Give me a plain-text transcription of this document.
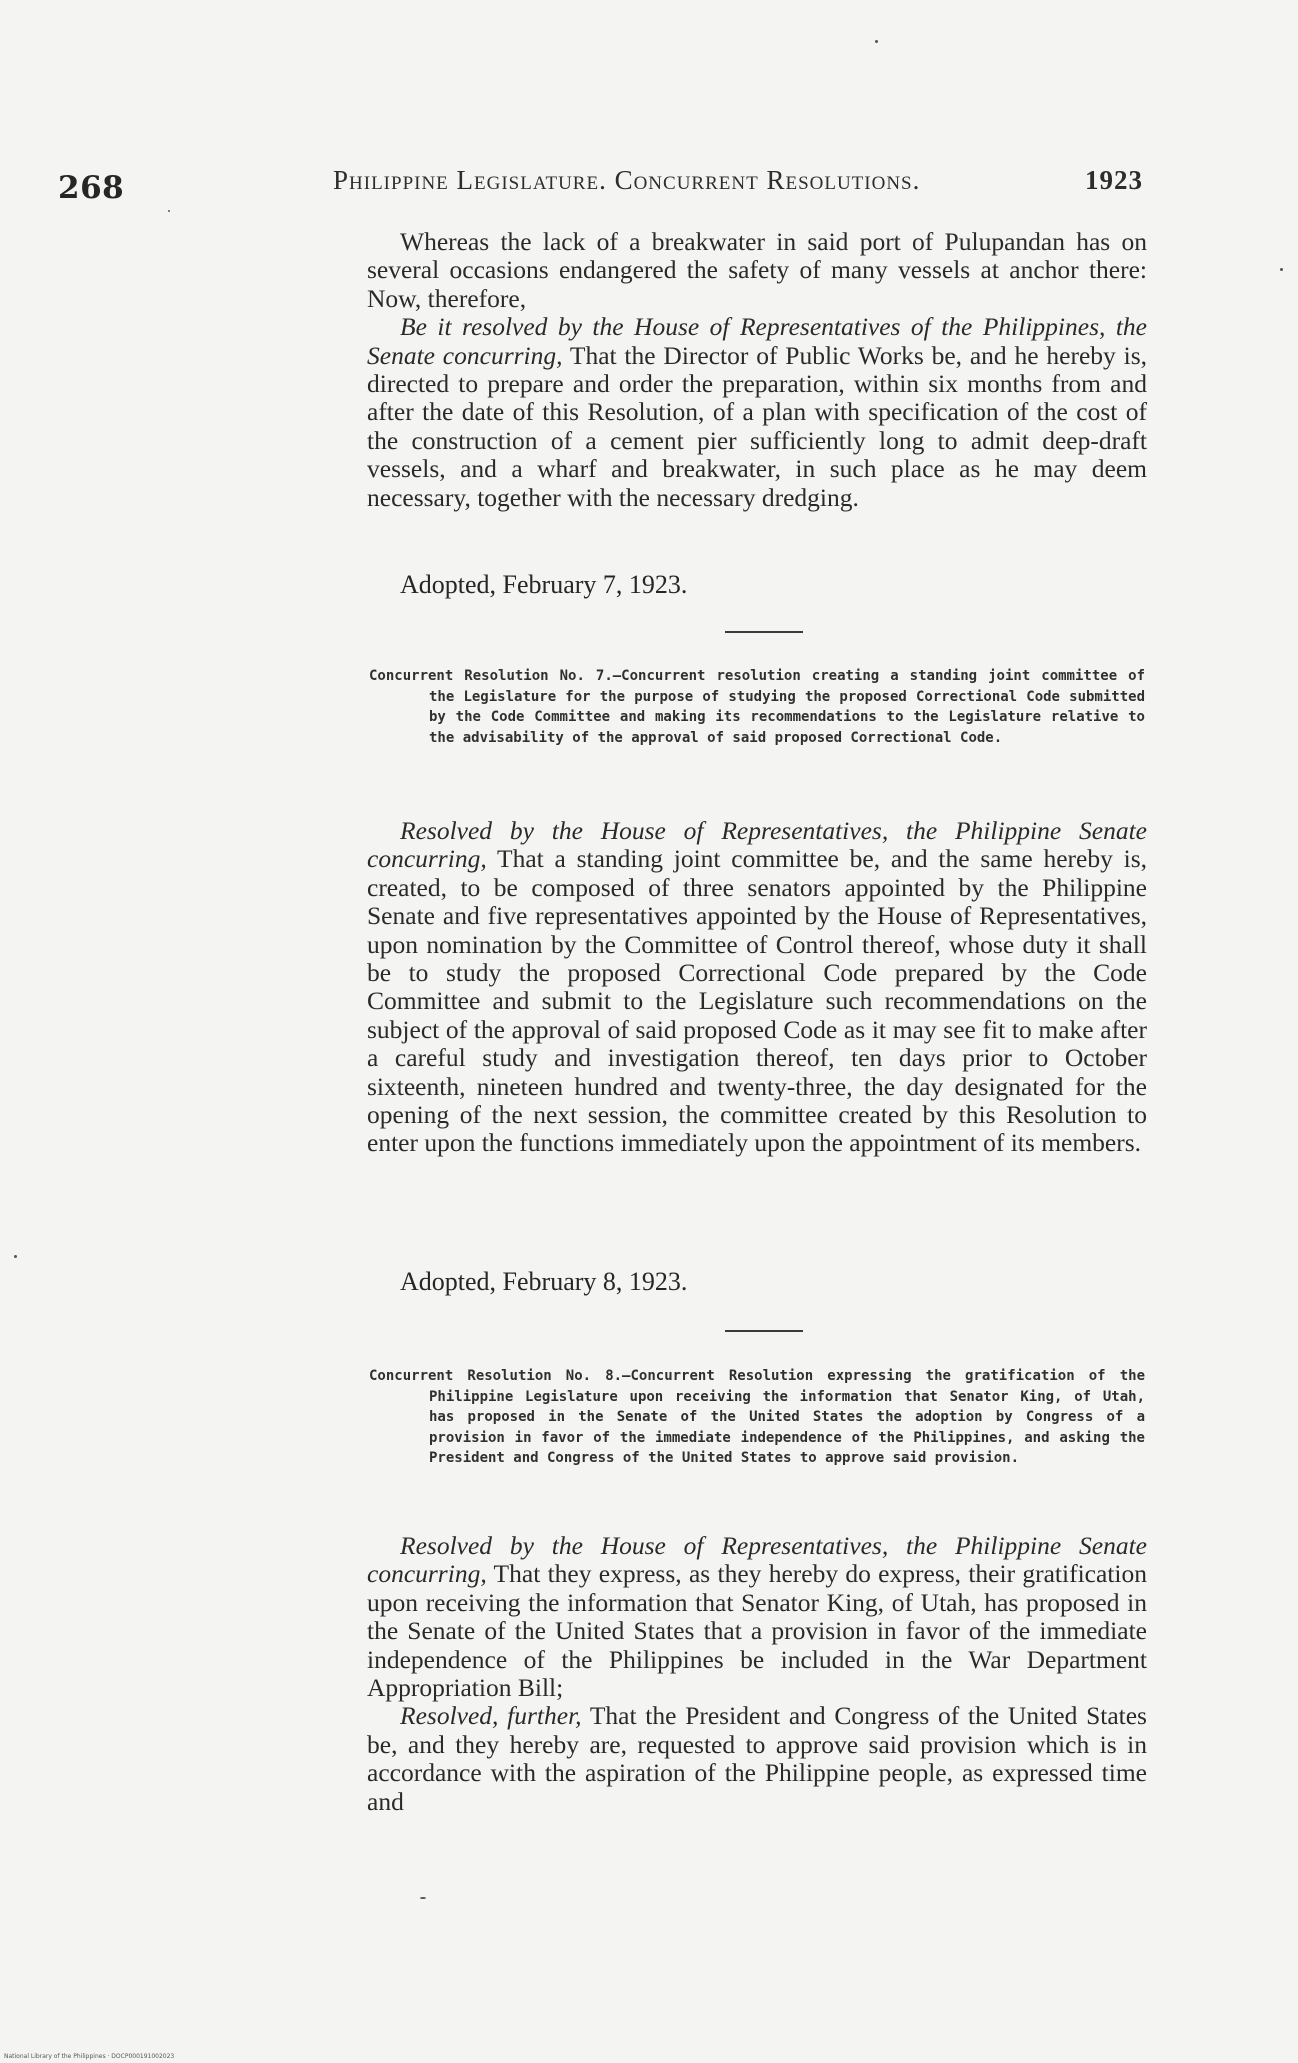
268	Philippine Legislature. Concurrent Resolutions.	1923

Whereas the lack of a breakwater in said port of Pulupandan has on several occasions endangered the safety of many vessels at anchor there: Now, therefore,

Be it resolved by the House of Representatives of the Philippines, the Senate concurring, That the Director of Public Works be, and he hereby is, directed to prepare and order the preparation, within six months from and after the date of this Resolution, of a plan with specification of the cost of the construction of a cement pier sufficiently long to admit deep-draft vessels, and a wharf and breakwater, in such place as he may deem necessary, together with the necessary dredging.

Adopted, February 7, 1923.
Concurrent Resolution No. 7.—Concurrent resolution creating a standing joint committee of the Legislature for the purpose of studying the proposed Correctional Code submitted by the Code Committee and making its recommendations to the Legislature relative to the advisability of the approval of said proposed Correctional Code.

Resolved by the House of Representatives, the Philippine Senate concurring, That a standing joint committee be, and the same hereby is, created, to be composed of three senators appointed by the Philippine Senate and five representatives appointed by the House of Representatives, upon nomination by the Committee of Control thereof, whose duty it shall be to study the proposed Correctional Code prepared by the Code Committee and submit to the Legislature such recommendations on the subject of the approval of said proposed Code as it may see fit to make after a careful study and investigation thereof, ten days prior to October sixteenth, nineteen hundred and twenty-three, the day designated for the opening of the next session, the committee created by this Resolution to enter upon the functions immediately upon the appointment of its members.

Adopted, February 8, 1923.
Concurrent Resolution No. 8.—Concurrent Resolution expressing the gratification of the Philippine Legislature upon receiving the information that Senator King, of Utah, has proposed in the Senate of the United States the adoption by Congress of a provision in favor of the immediate independence of the Philippines, and asking the President and Congress of the United States to approve said provision.

Resolved by the House of Representatives, the Philippine Senate concurring, That they express, as they hereby do express, their gratification upon receiving the information that Senator King, of Utah, has proposed in the Senate of the United States that a provision in favor of the immediate independence of the Philippines be included in the War Department Appropriation Bill;

Resolved, further, That the President and Congress of the United States be, and they hereby are, requested to approve said provision which is in accordance with the aspiration of the Philippine people, as expressed time and

National Library of the Philippines · DOCP000191002023
